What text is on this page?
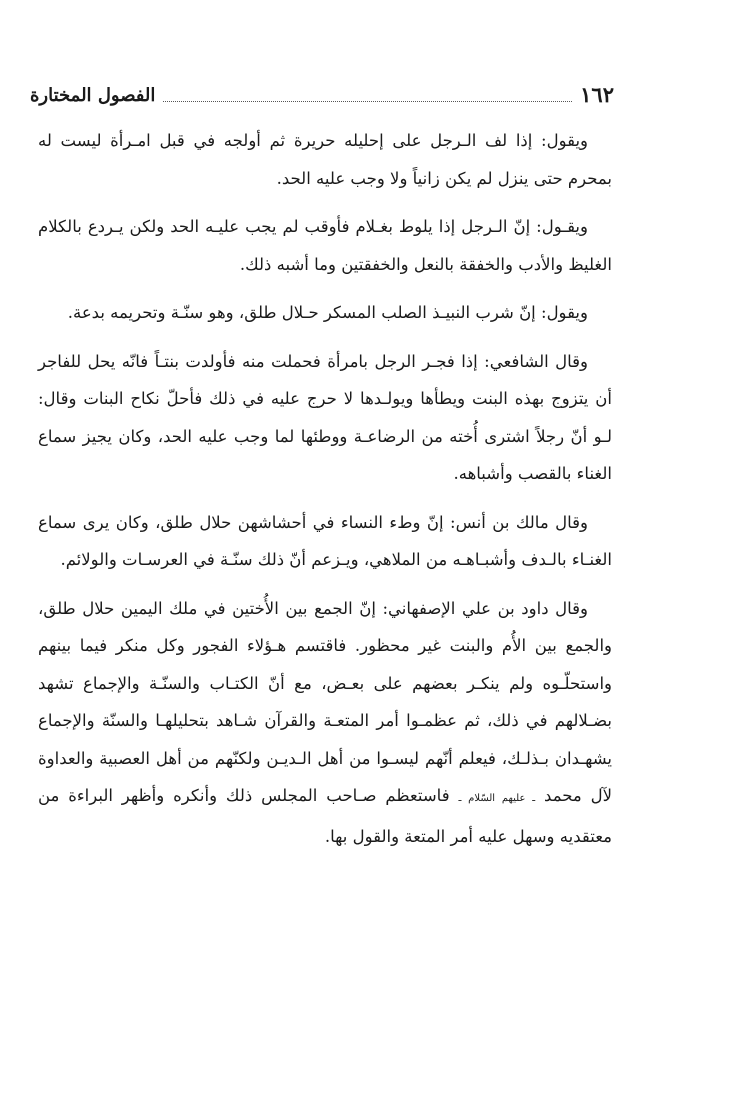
١٦٢
الفصول المختارة

ويقول: إذا لف الـرجل على إحليله حريرة ثم أولجه في قبل امـرأة ليست له بمحرم حتى ينزل لم يكن زانياً ولا وجب عليه الحد.

ويقـول: إنّ الـرجل إذا يلوط بغـلام فأوقب لم يجب عليـه الحد ولكن يـردع بالكلام الغليظ والأدب والخفقة بالنعل والخفقتين وما أشبه ذلك.

ويقول: إنّ شرب النبيـذ الصلب المسكر حـلال طلق، وهو سنّـة وتحريمه بدعة.

وقال الشافعي: إذا فجـر الرجل بامرأة فحملت منه فأولدت بنتـاً فانّه يحل للفاجر أن يتزوج بهذه البنت ويطأها ويولـدها لا حرج عليه في ذلك فأحلّ نكاح البنات وقال: لـو أنّ رجلاً اشترى أُخته من الرضاعـة ووطئها لما وجب عليه الحد، وكان يجيز سماع الغناء بالقصب وأشباهه.

وقال مالك بن أنس: إنّ وطء النساء في أحشاشهن حلال طلق، وكان يرى سماع الغنـاء بالـدف وأشبـاهـه من الملاهي، ويـزعم أنّ ذلك سنّـة في العرسـات والولائم.

وقال داود بن علي الإصفهاني: إنّ الجمع بين الأُختين في ملك اليمين حلال طلق، والجمع بين الأُم والبنت غير محظور. فاقتسم هـؤلاء الفجور وكل منكر فيما بينهم واستحلّـوه ولم ينكـر بعضهم على بعـض، مع أنّ الكتـاب والسنّـة والإجماع تشهد بضـلالهم في ذلك، ثم عظمـوا أمر المتعـة والقرآن شـاهد بتحليلهـا والسنّة والإجماع يشهـدان بـذلـك، فيعلم أنّهم ليسـوا من أهل الـديـن ولكنّهم من أهل العصبية والعداوة لآل محمد ـ عليهم السّلام ـ فاستعظم صـاحب المجلس ذلك وأنكره وأظهر البراءة من معتقديه وسهل عليه أمر المتعة والقول بها.
